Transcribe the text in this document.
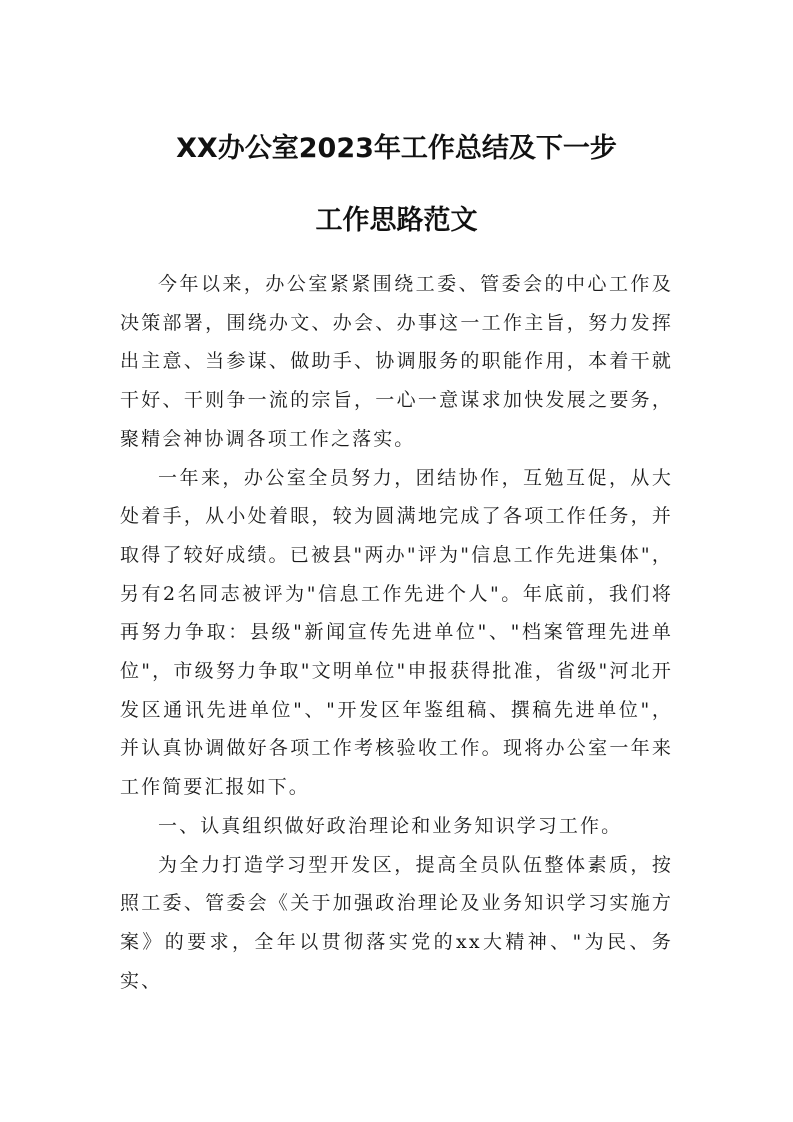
XX办公室2023年工作总结及下一步
工作思路范文

今年以来，办公室紧紧围绕工委、管委会的中心工作及决策部署，围绕办文、办会、办事这一工作主旨，努力发挥出主意、当参谋、做助手、协调服务的职能作用，本着干就干好、干则争一流的宗旨，一心一意谋求加快发展之要务，聚精会神协调各项工作之落实。

一年来，办公室全员努力，团结协作，互勉互促，从大处着手，从小处着眼，较为圆满地完成了各项工作任务，并取得了较好成绩。已被县"两办"评为"信息工作先进集体"，另有2名同志被评为"信息工作先进个人"。年底前，我们将再努力争取：县级"新闻宣传先进单位"、"档案管理先进单位"，市级努力争取"文明单位"申报获得批准，省级"河北开发区通讯先进单位"、"开发区年鉴组稿、撰稿先进单位"，并认真协调做好各项工作考核验收工作。现将办公室一年来工作简要汇报如下。

一、认真组织做好政治理论和业务知识学习工作。

为全力打造学习型开发区，提高全员队伍整体素质，按照工委、管委会《关于加强政治理论及业务知识学习实施方案》的要求，全年以贯彻落实党的xx大精神、"为民、务实、
